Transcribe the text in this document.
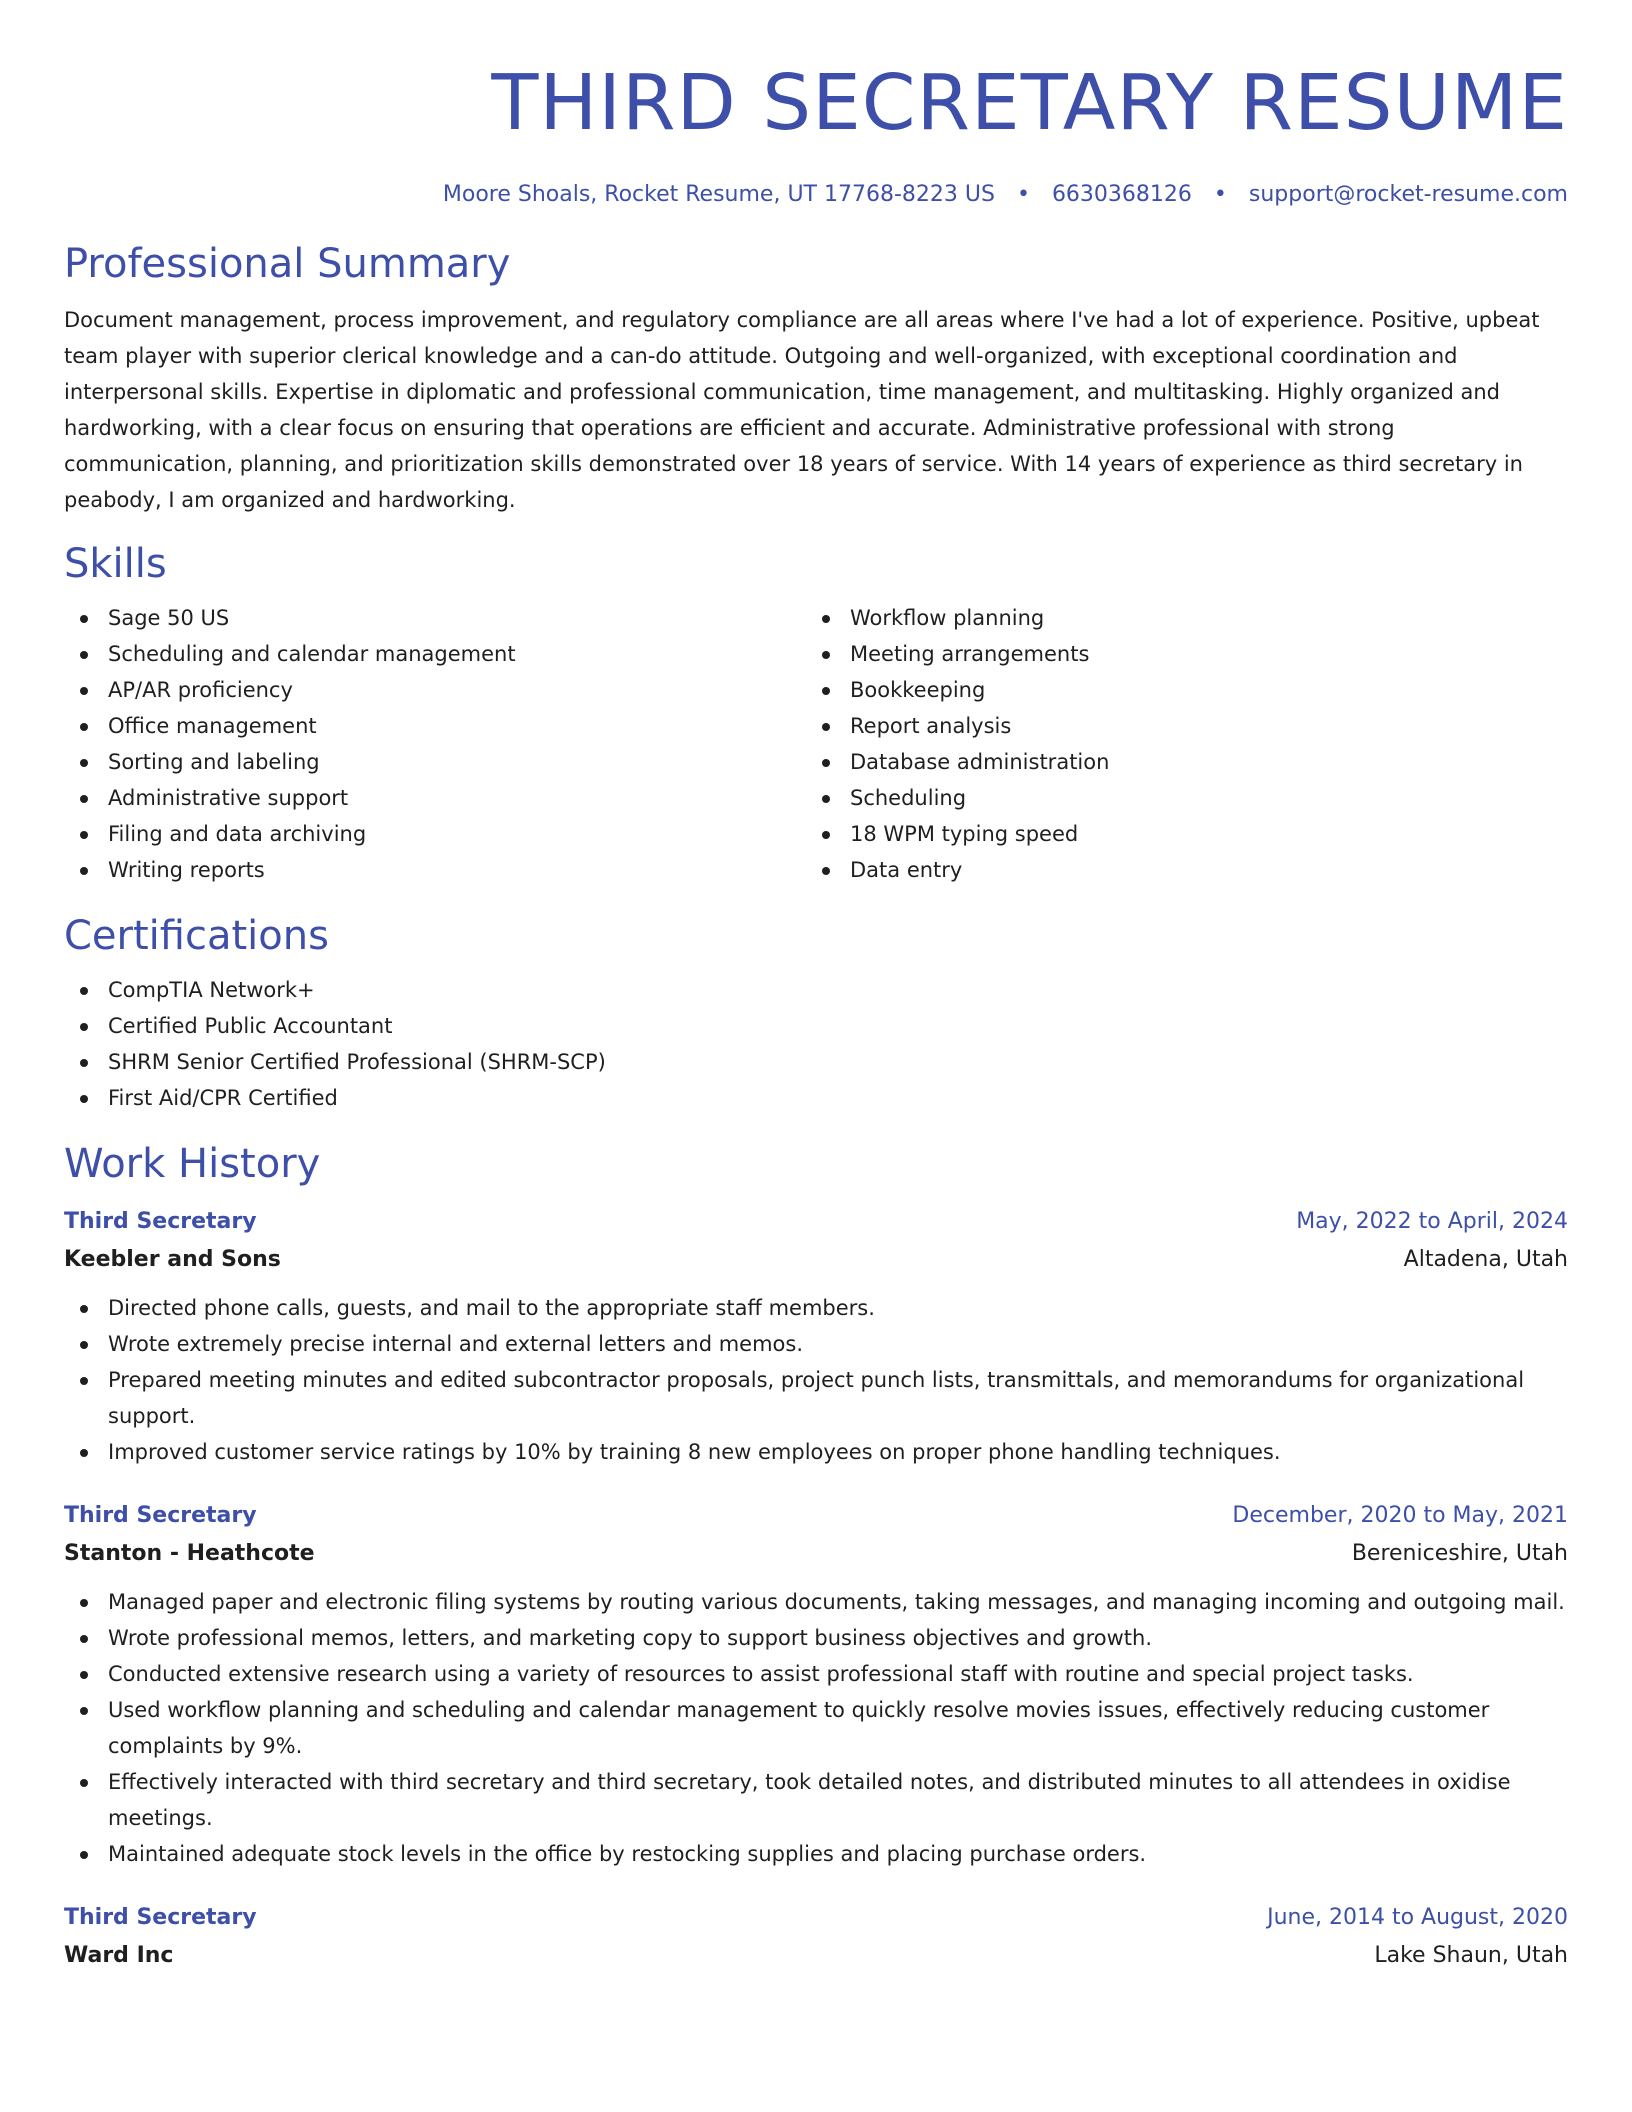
THIRD SECRETARY RESUME
Moore Shoals, Rocket Resume, UT 17768-8223 US • 6630368126 • support@rocket-resume.com
Professional Summary

Document management, process improvement, and regulatory compliance are all areas where I've had a lot of experience. Positive, upbeat team player with superior clerical knowledge and a can-do attitude. Outgoing and well-organized, with exceptional coordination and interpersonal skills. Expertise in diplomatic and professional communication, time management, and multitasking. Highly organized and hardworking, with a clear focus on ensuring that operations are efficient and accurate. Administrative professional with strong communication, planning, and prioritization skills demonstrated over 18 years of service. With 14 years of experience as third secretary in peabody, I am organized and hardworking.

Skills
Sage 50 US
Scheduling and calendar management
AP/AR proficiency
Office management
Sorting and labeling
Administrative support
Filing and data archiving
Writing reports
Workflow planning
Meeting arrangements
Bookkeeping
Report analysis
Database administration
Scheduling
18 WPM typing speed
Data entry
Certifications
CompTIA Network+
Certified Public Accountant
SHRM Senior Certified Professional (SHRM-SCP)
First Aid/CPR Certified
Work History
Third Secretary	May, 2022 to April, 2024
Keebler and Sons	Altadena, Utah
Directed phone calls, guests, and mail to the appropriate staff members.
Wrote extremely precise internal and external letters and memos.
Prepared meeting minutes and edited subcontractor proposals, project punch lists, transmittals, and memorandums for organizational support.
Improved customer service ratings by 10% by training 8 new employees on proper phone handling techniques.
Third Secretary	December, 2020 to May, 2021
Stanton - Heathcote	Bereniceshire, Utah
Managed paper and electronic filing systems by routing various documents, taking messages, and managing incoming and outgoing mail.
Wrote professional memos, letters, and marketing copy to support business objectives and growth.
Conducted extensive research using a variety of resources to assist professional staff with routine and special project tasks.
Used workflow planning and scheduling and calendar management to quickly resolve movies issues, effectively reducing customer complaints by 9%.
Effectively interacted with third secretary and third secretary, took detailed notes, and distributed minutes to all attendees in oxidise meetings.
Maintained adequate stock levels in the office by restocking supplies and placing purchase orders.
Third Secretary	June, 2014 to August, 2020
Ward Inc	Lake Shaun, Utah
